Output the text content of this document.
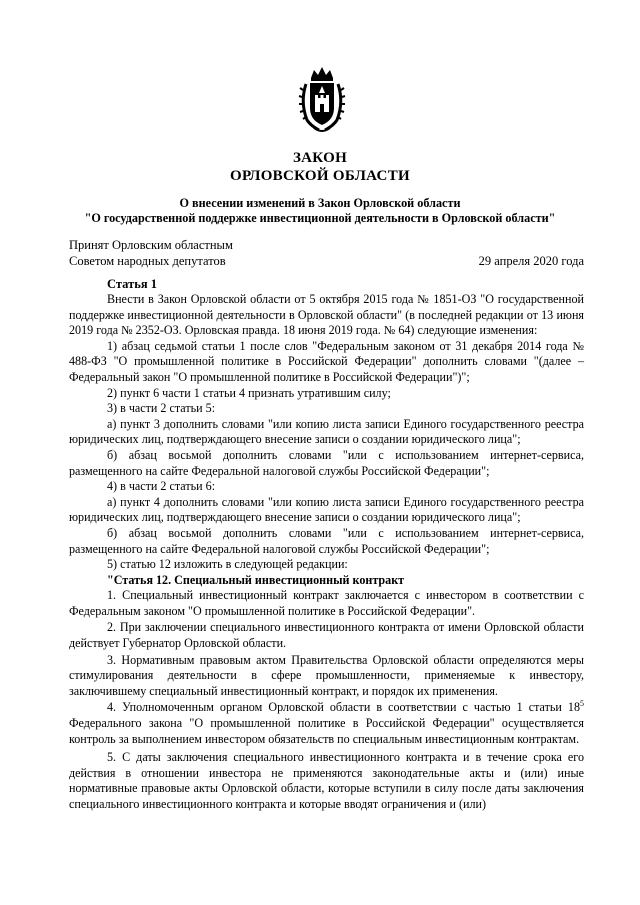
ЗАКОН
ОРЛОВСКОЙ ОБЛАСТИ
О внесении изменений в Закон Орловской области
"О государственной поддержке инвестиционной деятельности в Орловской области"
Принят Орловским областным
Советом народных депутатов	29 апреля 2020 года
Статья 1

Внести в Закон Орловской области от 5 октября 2015 года № 1851-ОЗ "О государственной поддержке инвестиционной деятельности в Орловской области" (в последней редакции от 13 июня 2019 года № 2352-ОЗ. Орловская правда. 18 июня 2019 года. № 64) следующие изменения:

1) абзац седьмой статьи 1 после слов "Федеральным законом от 31 декабря 2014 года № 488-ФЗ "О промышленной политике в Российской Федерации" дополнить словами "(далее – Федеральный закон "О промышленной политике в Российской Федерации")";

2) пункт 6 части 1 статьи 4 признать утратившим силу;

3) в части 2 статьи 5:

а) пункт 3 дополнить словами "или копию листа записи Единого государственного реестра юридических лиц, подтверждающего внесение записи о создании юридического лица";

б) абзац восьмой дополнить словами "или с использованием интернет-сервиса, размещенного на сайте Федеральной налоговой службы Российской Федерации";

4) в части 2 статьи 6:

а) пункт 4 дополнить словами "или копию листа записи Единого государственного реестра юридических лиц, подтверждающего внесение записи о создании юридического лица";

б) абзац восьмой дополнить словами "или с использованием интернет-сервиса, размещенного на сайте Федеральной налоговой службы Российской Федерации";

5) статью 12 изложить в следующей редакции:

"Статья 12. Специальный инвестиционный контракт

1. Специальный инвестиционный контракт заключается с инвестором в соответствии с Федеральным законом "О промышленной политике в Российской Федерации".

2. При заключении специального инвестиционного контракта от имени Орловской области действует Губернатор Орловской области.

3. Нормативным правовым актом Правительства Орловской области определяются меры стимулирования деятельности в сфере промышленности, применяемые к инвестору, заключившему специальный инвестиционный контракт, и порядок их применения.

4. Уполномоченным органом Орловской области в соответствии с частью 1 статьи $18^5$ Федерального закона "О промышленной политике в Российской Федерации" осуществляется контроль за выполнением инвестором обязательств по специальным инвестиционным контрактам.

5. С даты заключения специального инвестиционного контракта и в течение срока его действия в отношении инвестора не применяются законодательные акты и (или) иные нормативные правовые акты Орловской области, которые вступили в силу после даты заключения специального инвестиционного контракта и которые вводят ограничения и (или)
